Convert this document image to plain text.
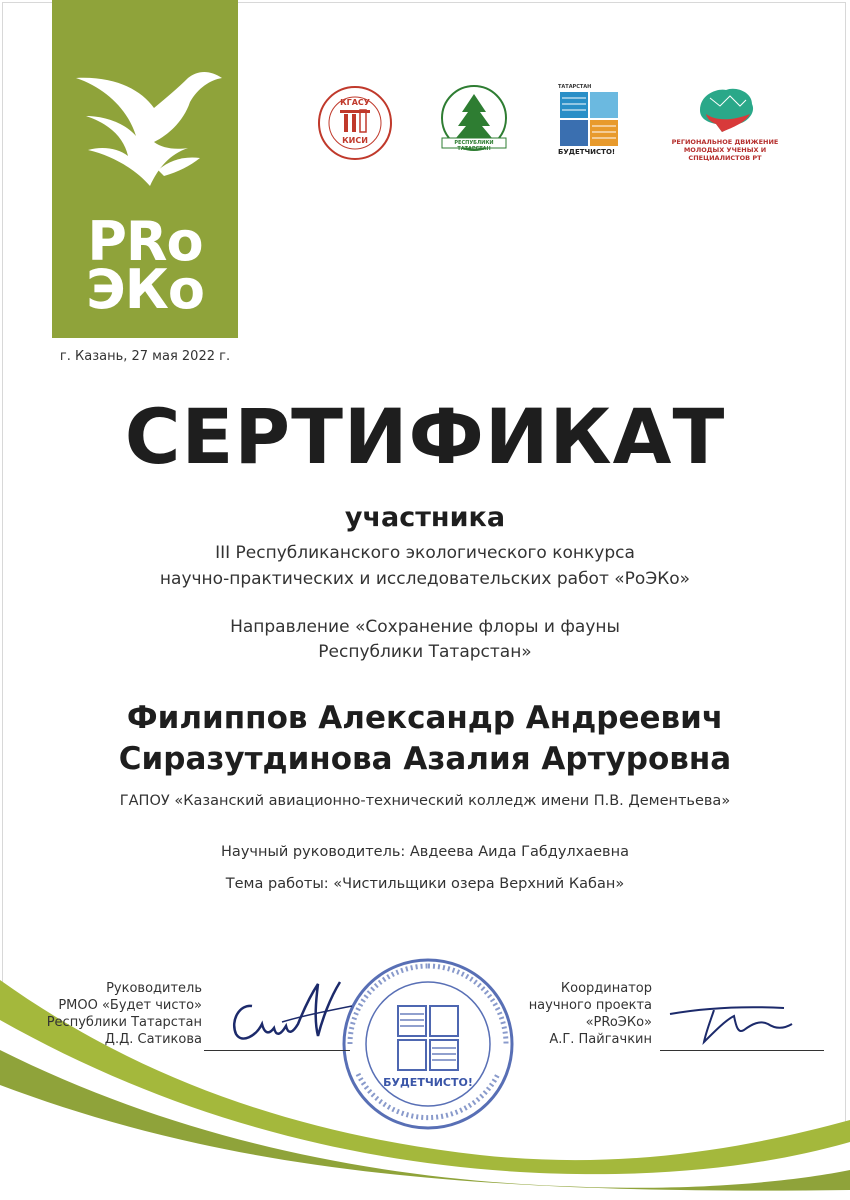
PRo
ЭКо
г. Казань, 27 мая 2022 г.
КГАСУ
КИСИ	РЕСПУБЛИКИ ТАТАРСТАН
ТАТАРСТАН
БУДЕТЧИСТО!
РЕГИОНАЛЬНОЕ ДВИЖЕНИЕ
МОЛОДЫХ УЧЕНЫХ И СПЕЦИАЛИСТОВ РТ
СЕРТИФИКАТ
участника
III Республиканского экологического конкурса
научно-практических и исследовательских работ «РоЭКо»
Направление «Сохранение флоры и фауны
Республики Татарстан»
Филиппов Александр Андреевич
Сиразутдинова Азалия Артуровна
ГАПОУ «Казанский авиационно-технический колледж имени П.В. Дементьева»
Научный руководитель: Авдеева Аида Габдулхаевна
Тема работы: «Чистильщики озера Верхний Кабан»
БУДЕТЧИСТО!
Руководитель
РМОО «Будет чисто»
Республики Татарстан
Д.Д. Сатикова
Координатор
научного проекта
«PRoЭКо»
А.Г. Пайгачкин
